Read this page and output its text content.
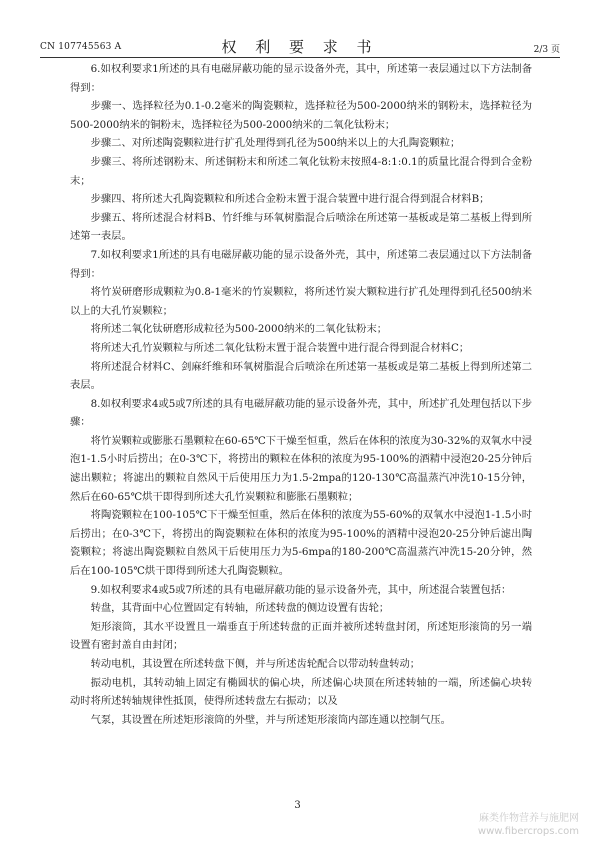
CN 107745563 A	权 利 要 求 书	2/3 页

6.如权利要求1所述的具有电磁屏蔽功能的显示设备外壳，其中，所述第一表层通过以下方法制备得到：

步骤一、选择粒径为0.1-0.2毫米的陶瓷颗粒，选择粒径为500-2000纳米的钢粉末，选择粒径为500-2000纳米的铜粉末，选择粒径为500-2000纳米的二氧化钛粉末；

步骤二、对所述陶瓷颗粒进行扩孔处理得到孔径为500纳米以上的大孔陶瓷颗粒；

步骤三、将所述钢粉末、所述铜粉末和所述二氧化钛粉末按照4-8:1:0.1的质量比混合得到合金粉末；

步骤四、将所述大孔陶瓷颗粒和所述合金粉末置于混合装置中进行混合得到混合材料B；

步骤五、将所述混合材料B、竹纤维与环氧树脂混合后喷涂在所述第一基板或是第二基板上得到所述第一表层。

7.如权利要求1所述的具有电磁屏蔽功能的显示设备外壳，其中，所述第二表层通过以下方法制备得到：

将竹炭研磨形成颗粒为0.8-1毫米的竹炭颗粒，将所述竹炭大颗粒进行扩孔处理得到孔径500纳米以上的大孔竹炭颗粒；

将所述二氧化钛研磨形成粒径为500-2000纳米的二氧化钛粉末；

将所述大孔竹炭颗粒与所述二氧化钛粉末置于混合装置中进行混合得到混合材料C；

将所述混合材料C、剑麻纤维和环氧树脂混合后喷涂在所述第一基板或是第二基板上得到所述第二表层。

8.如权利要求4或5或7所述的具有电磁屏蔽功能的显示设备外壳，其中，所述扩孔处理包括以下步骤：

将竹炭颗粒或膨胀石墨颗粒在60-65℃下干燥至恒重，然后在体积的浓度为30-32%的双氧水中浸泡1-1.5小时后捞出；在0-3℃下，将捞出的颗粒在体积的浓度为95-100%的酒精中浸泡20-25分钟后滤出颗粒；将滤出的颗粒自然风干后使用压力为1.5-2mpa的120-130℃高温蒸汽冲洗10-15分钟，然后在60-65℃烘干即得到所述大孔竹炭颗粒和膨胀石墨颗粒；

将陶瓷颗粒在100-105℃下干燥至恒重，然后在体积的浓度为55-60%的双氧水中浸泡1-1.5小时后捞出；在0-3℃下，将捞出的陶瓷颗粒在体积的浓度为95-100%的酒精中浸泡20-25分钟后滤出陶瓷颗粒；将滤出陶瓷颗粒自然风干后使用压力为5-6mpa的180-200℃高温蒸汽冲洗15-20分钟，然后在100-105℃烘干即得到所述大孔陶瓷颗粒。

9.如权利要求4或5或7所述的具有电磁屏蔽功能的显示设备外壳，其中，所述混合装置包括：

转盘，其背面中心位置固定有转轴，所述转盘的侧边设置有齿轮；

矩形滚筒，其水平设置且一端垂直于所述转盘的正面并被所述转盘封闭，所述矩形滚筒的另一端设置有密封盖自由封闭；

转动电机，其设置在所述转盘下侧，并与所述齿轮配合以带动转盘转动；

振动电机，其转动轴上固定有椭圆状的偏心块，所述偏心块顶在所述转轴的一端，所述偏心块转动时将所述转轴规律性抵顶，使得所述转盘左右振动；以及

气泵，其设置在所述矩形滚筒的外壁，并与所述矩形滚筒内部连通以控制气压。

3
麻类作物营养与施肥网
www.fibercrops.com
